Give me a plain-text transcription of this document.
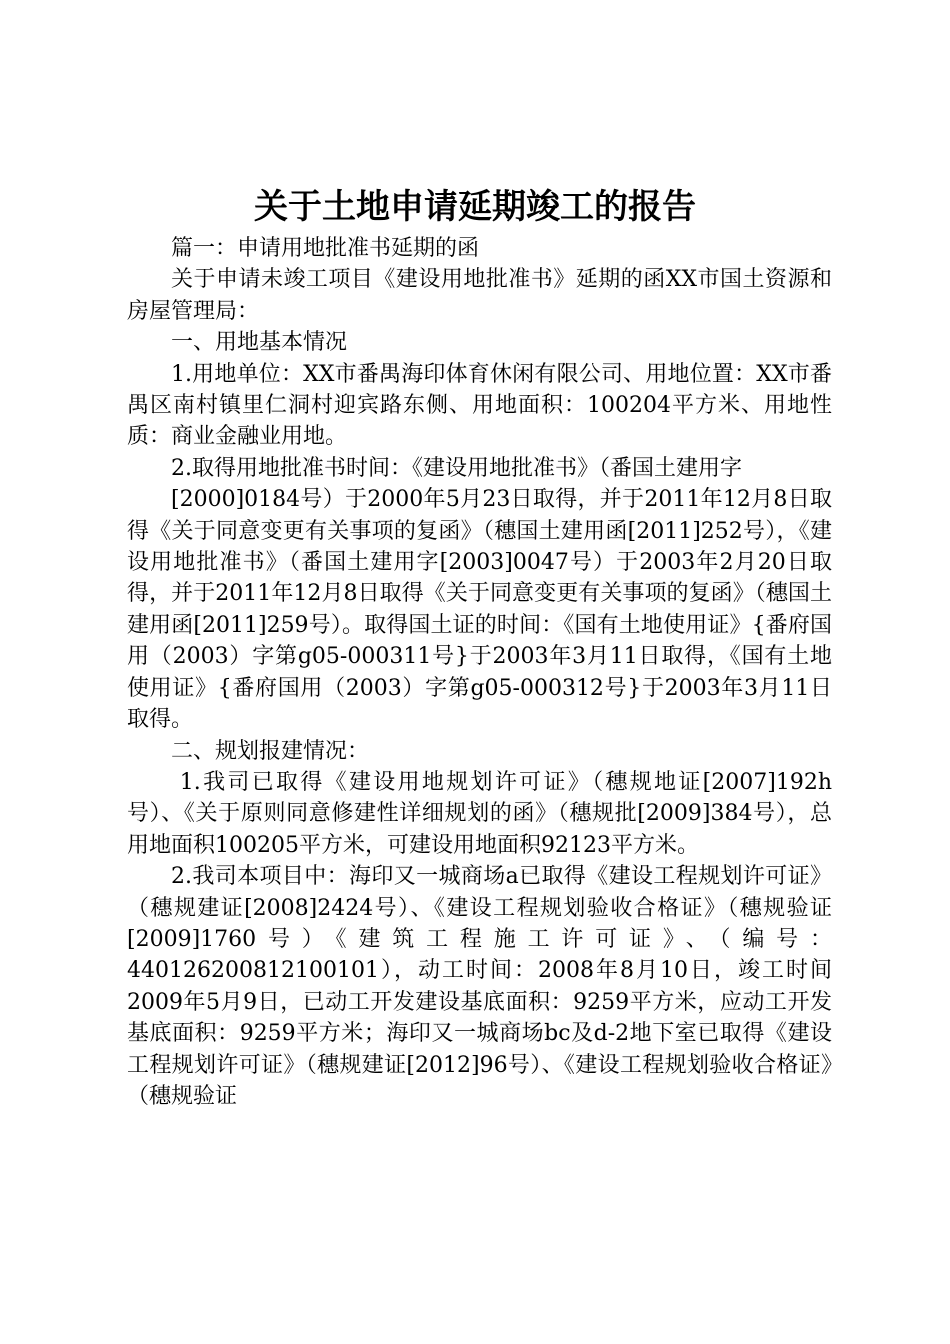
关于土地申请延期竣工的报告

篇一：申请用地批准书延期的函

关于申请未竣工项目《建设用地批准书》延期的函XX市国土资源和房屋管理局：

一、用地基本情况

1.用地单位：XX市番禺海印体育休闲有限公司、用地位置：XX市番禺区南村镇里仁洞村迎宾路东侧、用地面积：100204平方米、用地性质：商业金融业用地。

2.取得用地批准书时间：《建设用地批准书》（番国土建用字

[2000]0184号）于2000年5月23日取得，并于2011年12月8日取得《关于同意变更有关事项的复函》（穗国土建用函[2011]252号），《建设用地批准书》（番国土建用字[2003]0047号）于2003年2月20日取得，并于2011年12月8日取得《关于同意变更有关事项的复函》（穗国土建用函[2011]259号）。取得国土证的时间：《国有土地使用证》{番府国用（2003）字第g05-000311号}于2003年3月11日取得，《国有土地使用证》{番府国用（2003）字第g05-000312号}于2003年3月11日取得。

二、规划报建情况：

1.我司已取得《建设用地规划许可证》（穗规地证[2007]192h号）、《关于原则同意修建性详细规划的函》（穗规批[2009]384号），总用地面积100205平方米，可建设用地面积92123平方米。

2.我司本项目中：海印又一城商场a已取得《建设工程规划许可证》（穗规建证[2008]2424号）、《建设工程规划验收合格证》（穗规验证[2009]1760号）《建筑工程施工许可证》、（编号：440126200812100101），动工时间：2008年8月10日，竣工时间2009年5月9日，已动工开发建设基底面积：9259平方米，应动工开发基底面积：9259平方米；海印又一城商场bc及d-2地下室已取得《建设工程规划许可证》（穗规建证[2012]96号）、《建设工程规划验收合格证》（穗规验证
